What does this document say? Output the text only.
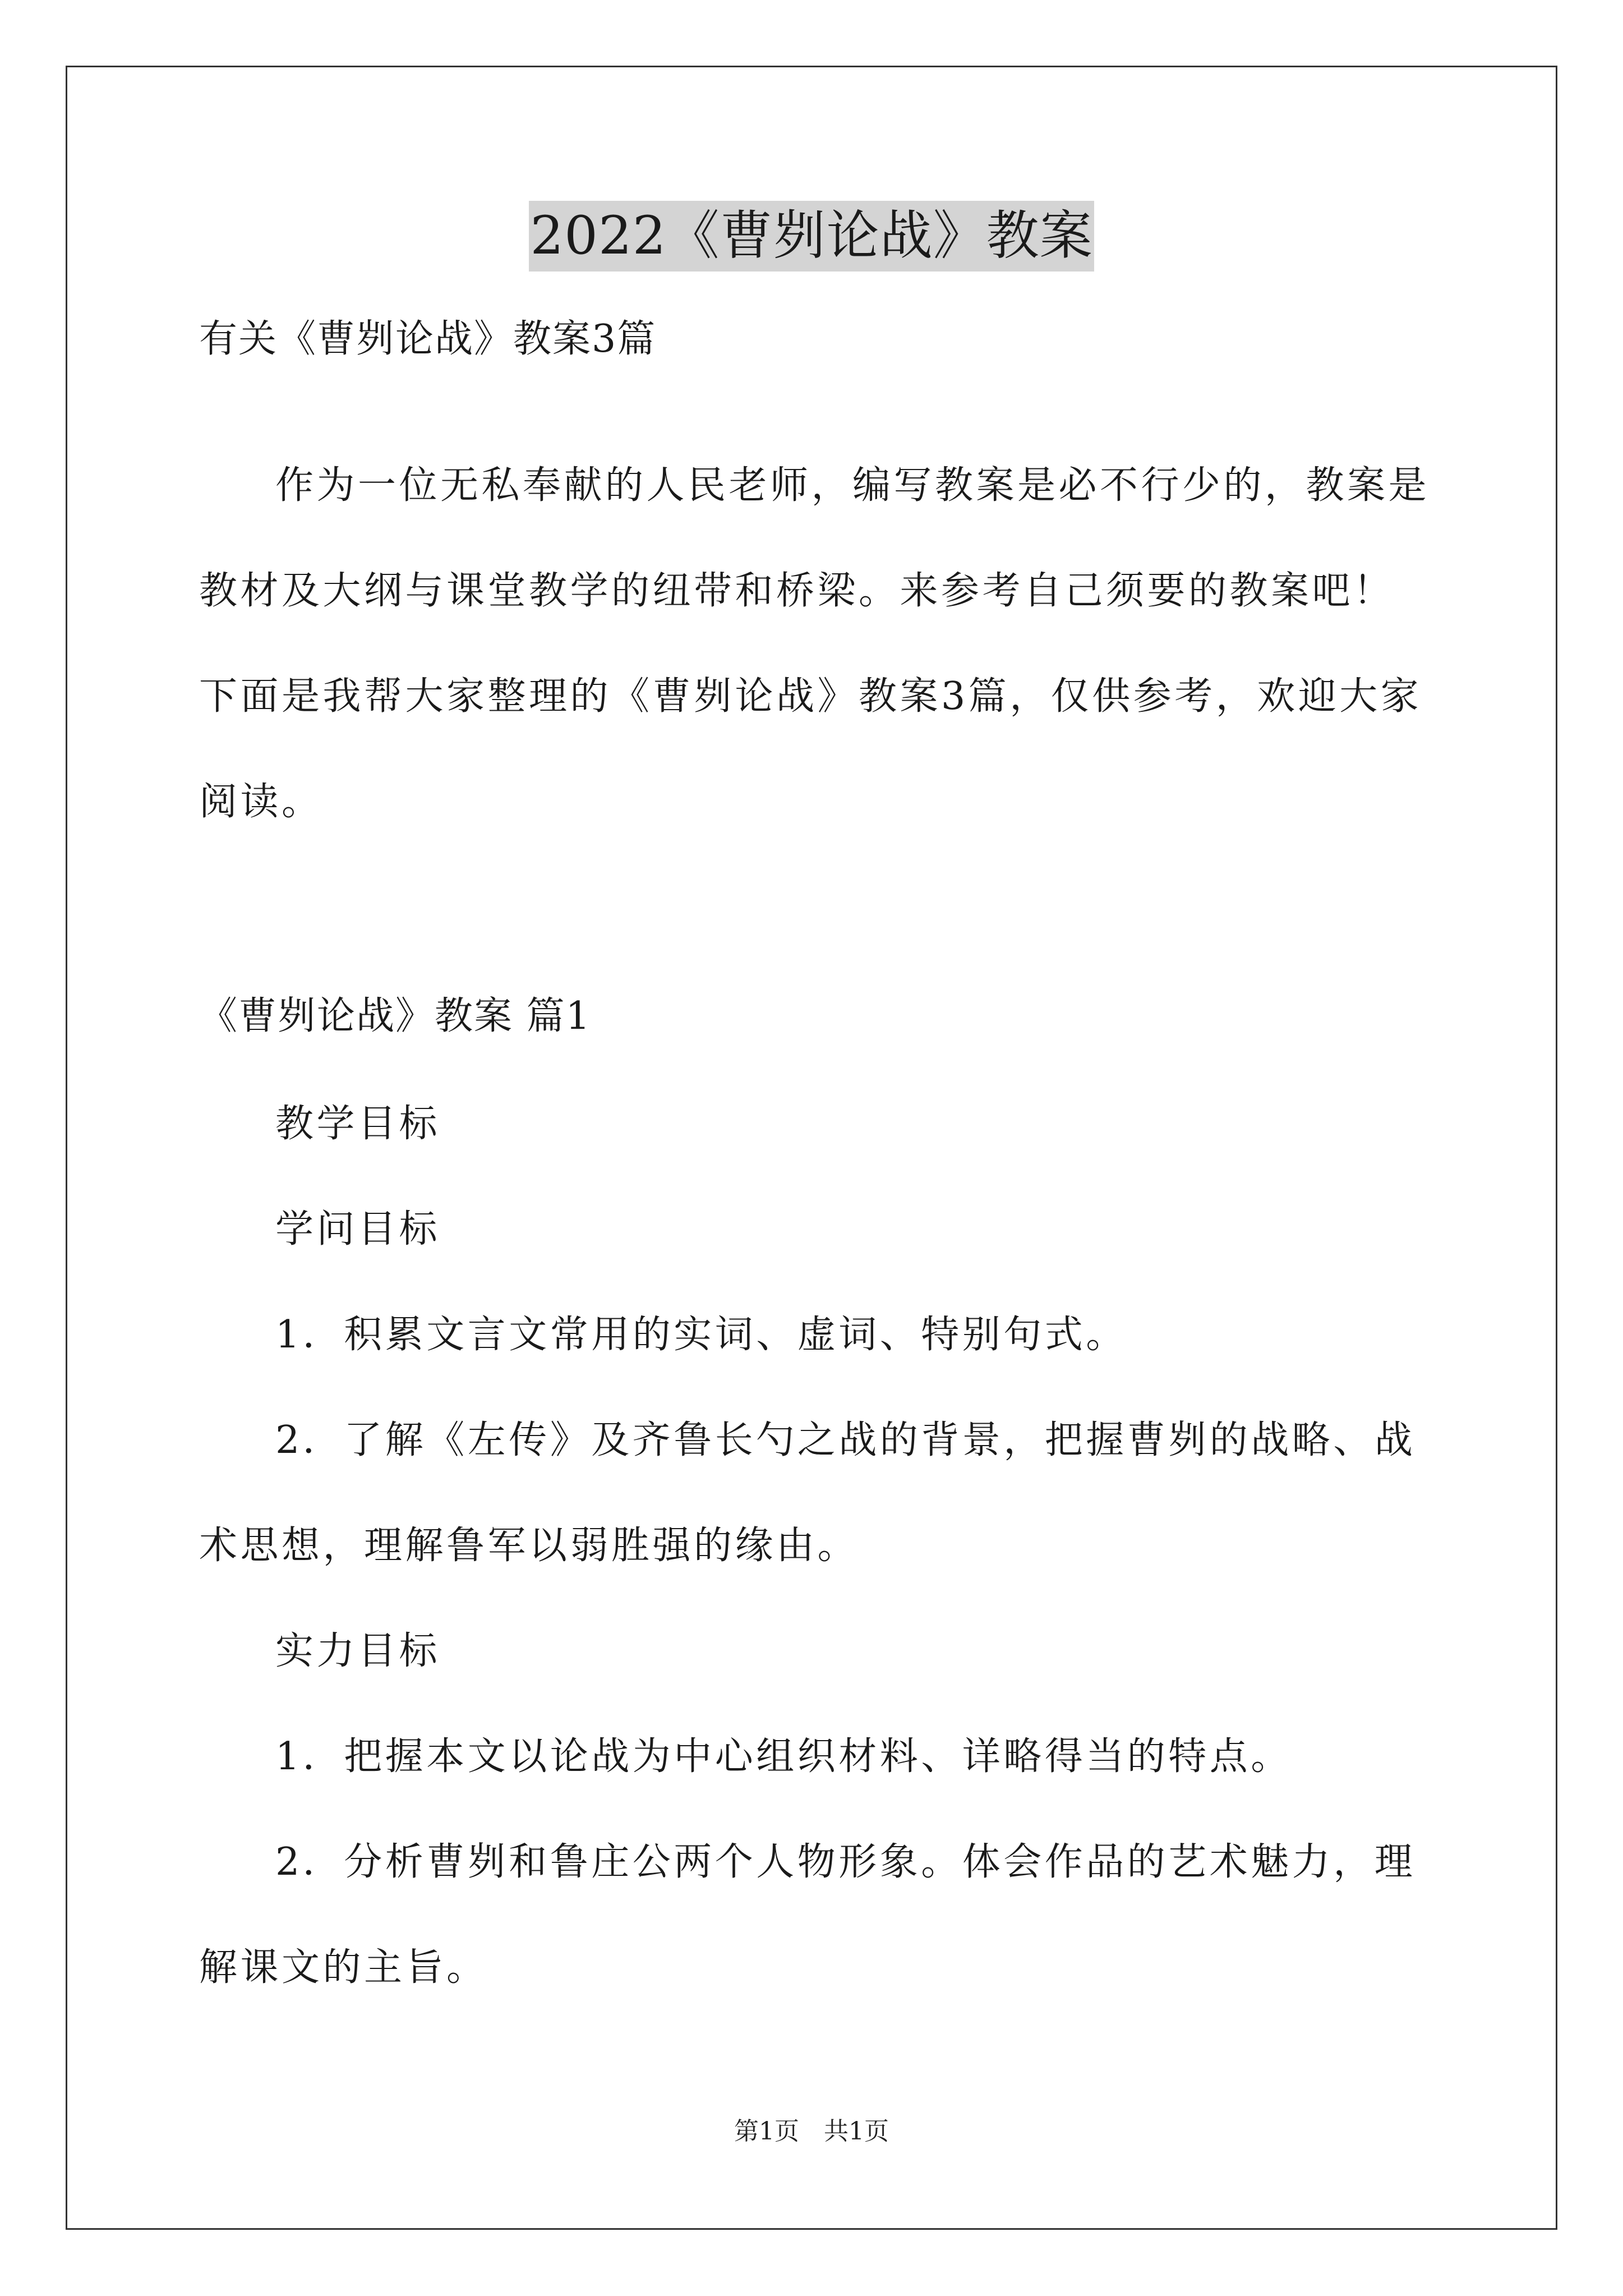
2022《曹刿论战》教案
有关《曹刿论战》教案3篇

作为一位无私奉献的人民老师，编写教案是必不行少的，教案是教材及大纲与课堂教学的纽带和桥梁。来参考自己须要的教案吧！下面是我帮大家整理的《曹刿论战》教案3篇，仅供参考，欢迎大家阅读。

《曹刿论战》教案 篇1

教学目标

学问目标

1．积累文言文常用的实词、虚词、特别句式。

2．了解《左传》及齐鲁长勺之战的背景，把握曹刿的战略、战术思想，理解鲁军以弱胜强的缘由。

实力目标

1．把握本文以论战为中心组织材料、详略得当的特点。

2．分析曹刿和鲁庄公两个人物形象。体会作品的艺术魅力，理解课文的主旨。

第1页　共1页
